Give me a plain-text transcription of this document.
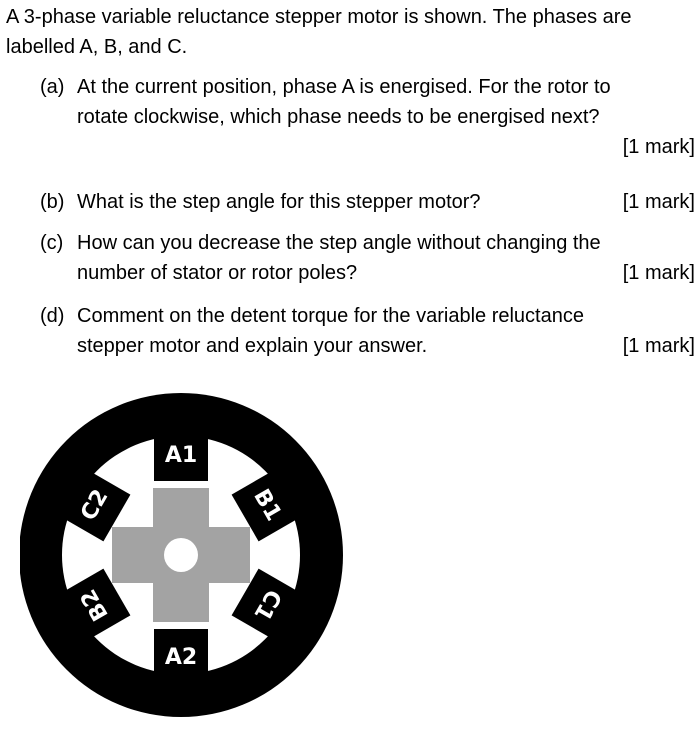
A 3-phase variable reluctance stepper motor is shown. The phases are
labelled A, B, and C.

(a) At the current position, phase A is energised. For the rotor to
rotate clockwise, which phase needs to be energised next?
[1 mark]
(b) What is the step angle for this stepper motor?	[1 mark]
(c) How can you decrease the step angle without changing the
number of stator or rotor poles?	[1 mark]
(d) Comment on the detent torque for the variable reluctance
stepper motor and explain your answer.	[1 mark]
A1
B1
C1
A2
B2
C2
